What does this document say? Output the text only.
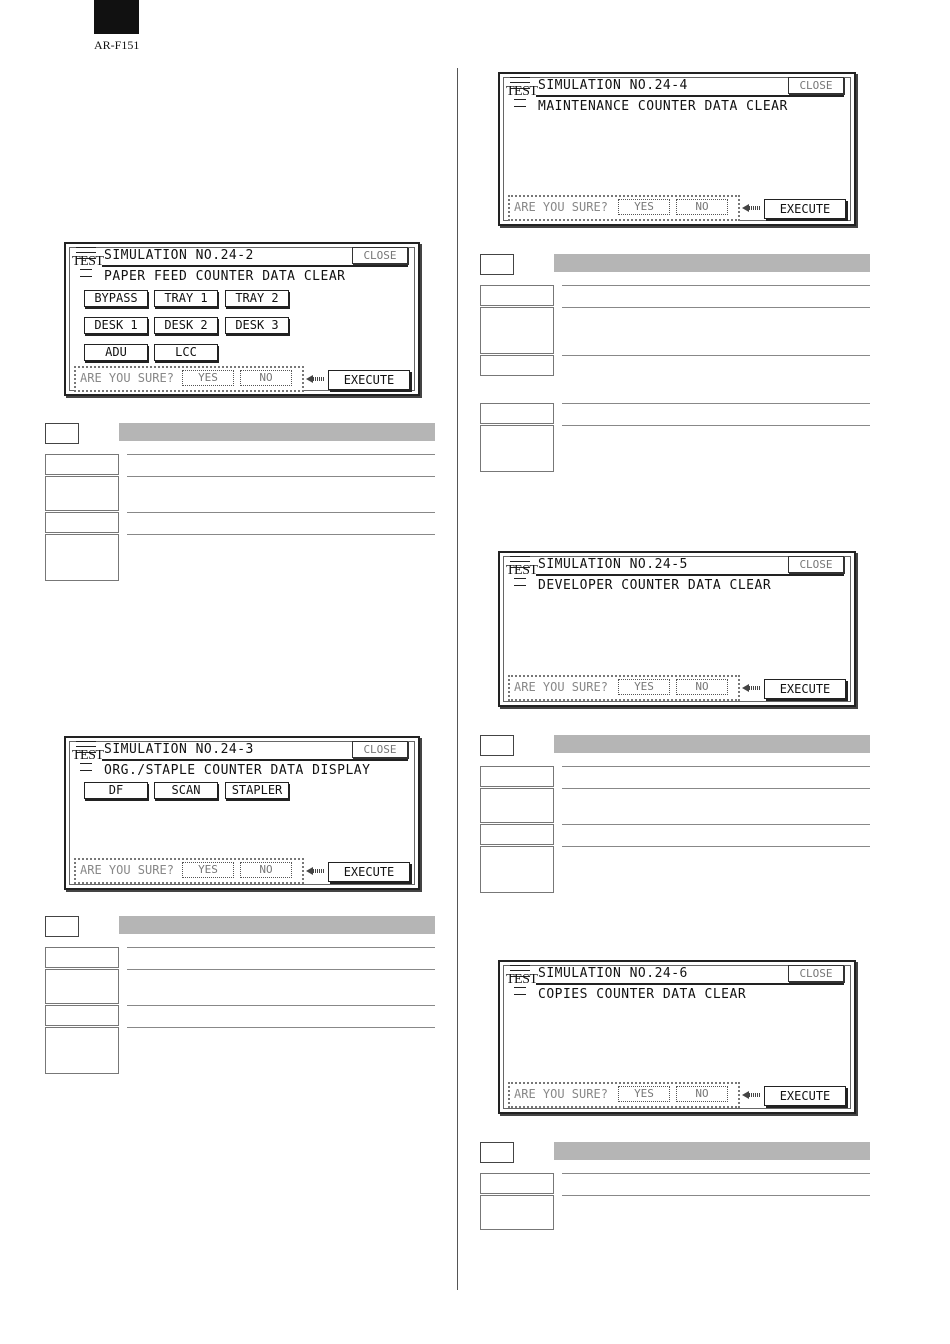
AR-F151
TEST SIMULATION NO.24-2	CLOSE
PAPER FEED COUNTER DATA CLEAR
BYPASS	TRAY 1	TRAY 2
DESK 1	DESK 2	DESK 3
ADU	LCC
ARE YOU SURE?	YES	NO	EXECUTE
TEST SIMULATION NO.24-3	CLOSE
ORG./STAPLE COUNTER DATA DISPLAY
DF	SCAN	STAPLER
ARE YOU SURE?	YES	NO	EXECUTE
TEST SIMULATION NO.24-4	CLOSE
MAINTENANCE COUNTER DATA CLEAR
ARE YOU SURE?	YES	NO	EXECUTE
TEST SIMULATION NO.24-5	CLOSE
DEVELOPER COUNTER DATA CLEAR
ARE YOU SURE?	YES	NO	EXECUTE
TEST SIMULATION NO.24-6	CLOSE
COPIES COUNTER DATA CLEAR
ARE YOU SURE?	YES	NO	EXECUTE
